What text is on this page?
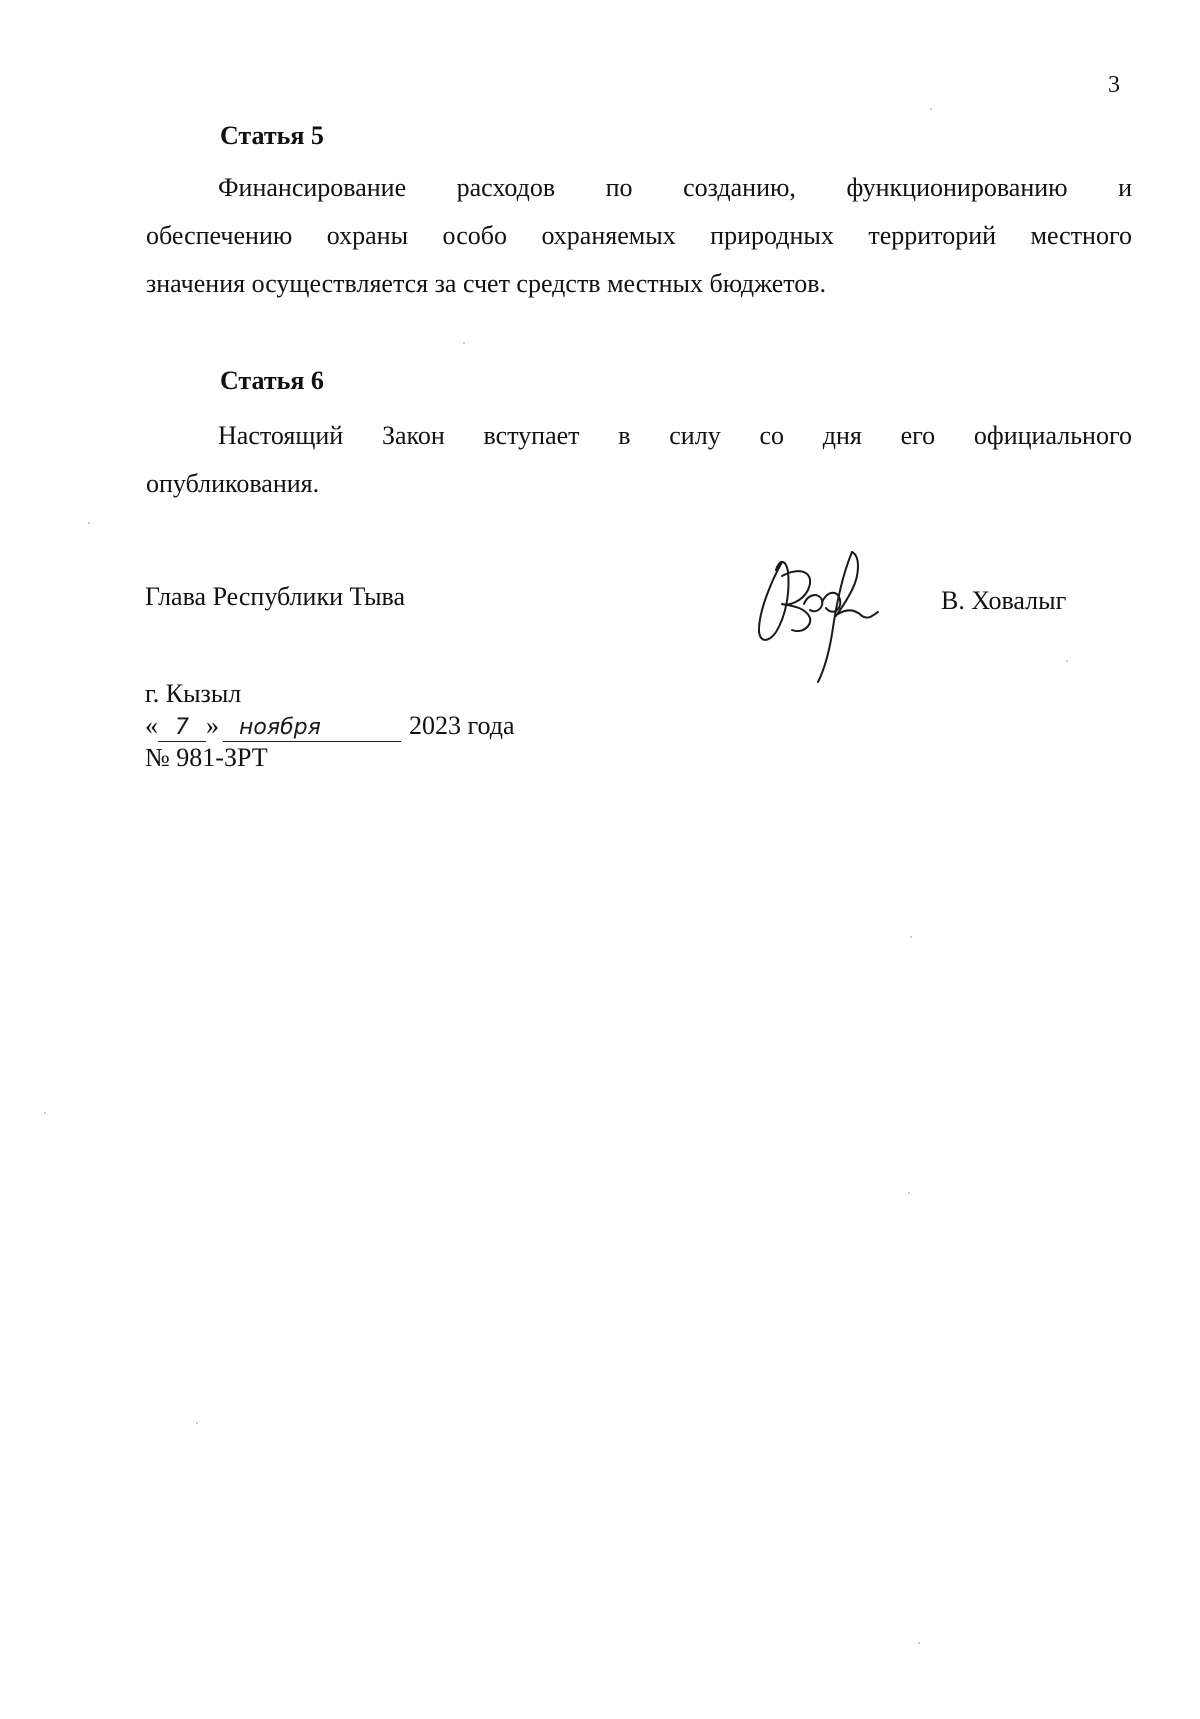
3
Статья 5
Финансирование расходов по созданию, функционированию и
обеспечению охраны особо охраняемых природных территорий местного
значения осуществляется за счет средств местных бюджетов.
Статья 6
Настоящий Закон вступает в силу со дня его официального
опубликования.
Глава Республики Тыва	В. Ховалыг
г. Кызыл
« 7 » ноября	2023 года
№ 981-ЗРТ
